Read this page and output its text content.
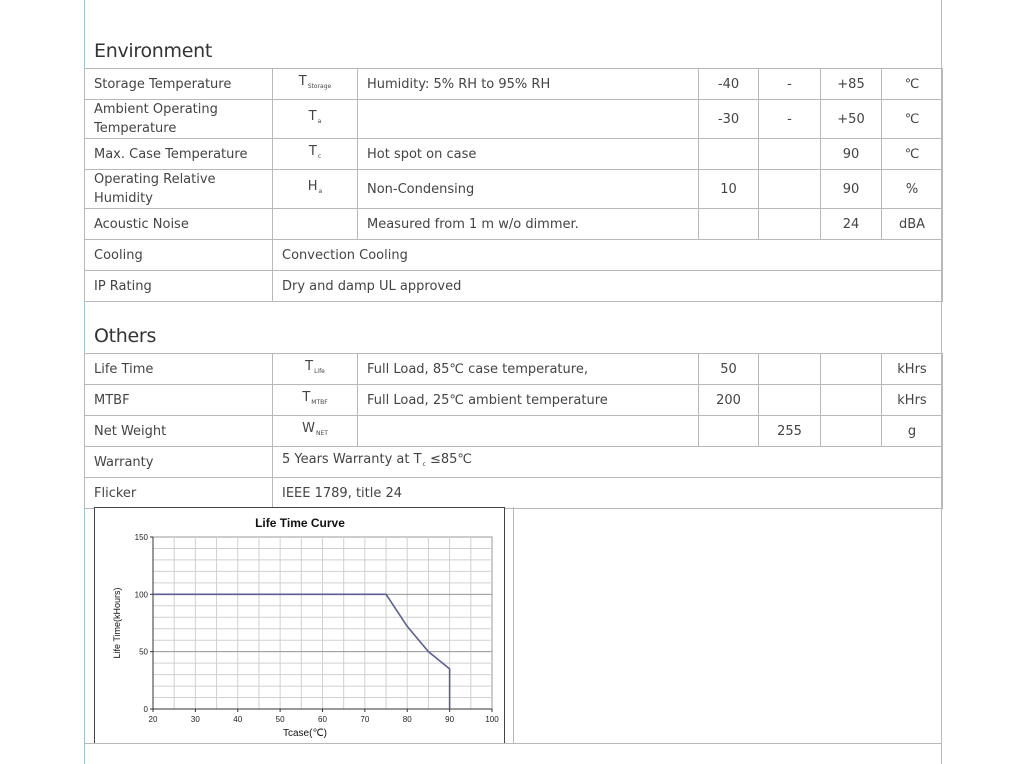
Environment
Storage Temperature	$T_{Storage}$	Humidity: 5% RH to 95% RH	-40	-	+85	℃
Ambient Operating Temperature	$T_a$		-30	-	+50	℃
Max. Case Temperature	$T_c$	Hot spot on case			90	℃
Operating Relative Humidity	$H_a$	Non-Condensing	10		90	%
Acoustic Noise		Measured from 1 m w/o dimmer.			24	dBA
Cooling	Convection Cooling					
IP Rating	Dry and damp UL approved					
Others
Life Time	$T_{Life}$	Full Load, 85℃ case temperature,	50			kHrs
MTBF	$T_{MTBF}$	Full Load, 25℃ ambient temperature	200			kHrs
Net Weight	$W_{NET}$			255		g
Warranty	5 Years Warranty at $T_c$ ≤85℃					
Flicker	IEEE 1789, title 24					
20	30	40	50	60	70	80	90	100
0
50
100
150
Life Time Curve
Tcase(℃)
Life Time(kHours)
